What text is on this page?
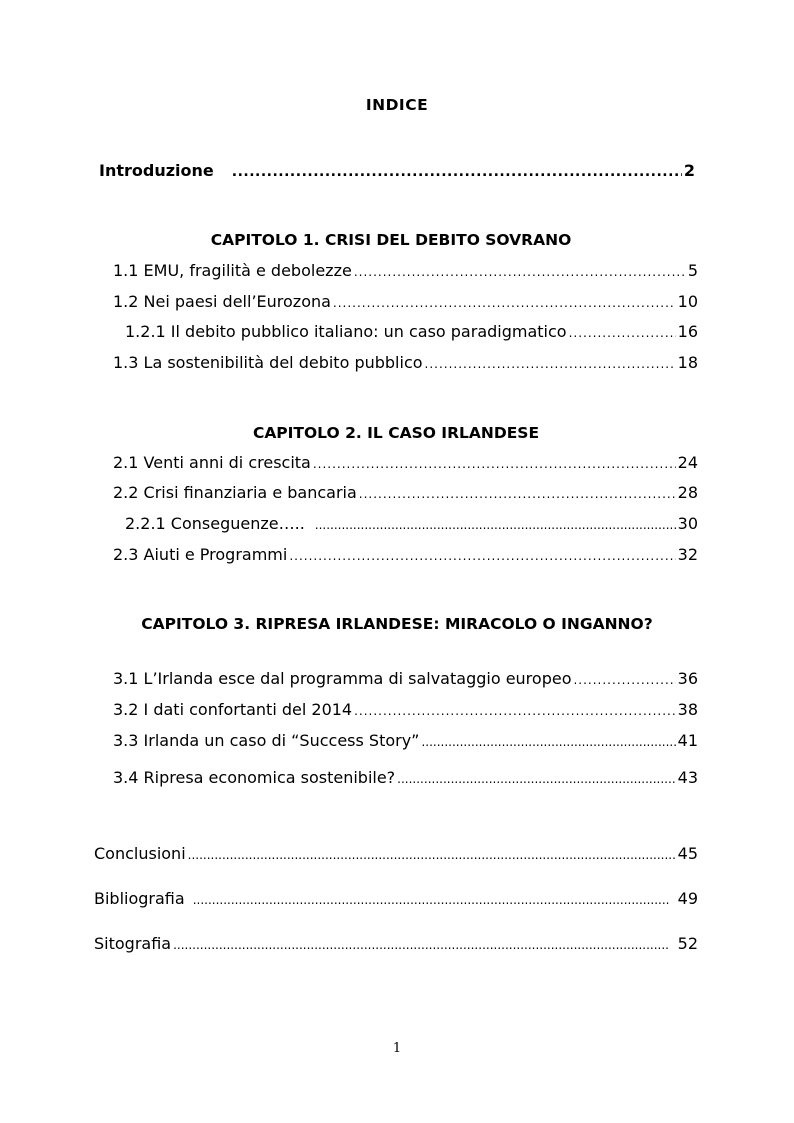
INDICE
Introduzione .....	2
CAPITOLO 1. CRISI DEL DEBITO SOVRANO
1.1 EMU, fragilità e debolezze .....	5
1.2 Nei paesi dell’Eurozona .....	10
1.2.1 Il debito pubblico italiano: un caso paradigmatico .....	16
1.3 La sostenibilità del debito pubblico .....	18
CAPITOLO 2. IL CASO IRLANDESE
2.1 Venti anni di crescita .....	24
2.2 Crisi finanziaria e bancaria .....	28
2.2.1 Conseguenze….. .....	30
2.3 Aiuti e Programmi .....	32
CAPITOLO 3. RIPRESA IRLANDESE: MIRACOLO O INGANNO?
3.1 L’Irlanda esce dal programma di salvataggio europeo .....	36
3.2 I dati confortanti del 2014 .....	38
3.3 Irlanda un caso di “Success Story” .....	41
3.4 Ripresa economica sostenibile? .....	43
Conclusioni .....	45
Bibliografia .....	49
Sitografia .....	52
1
